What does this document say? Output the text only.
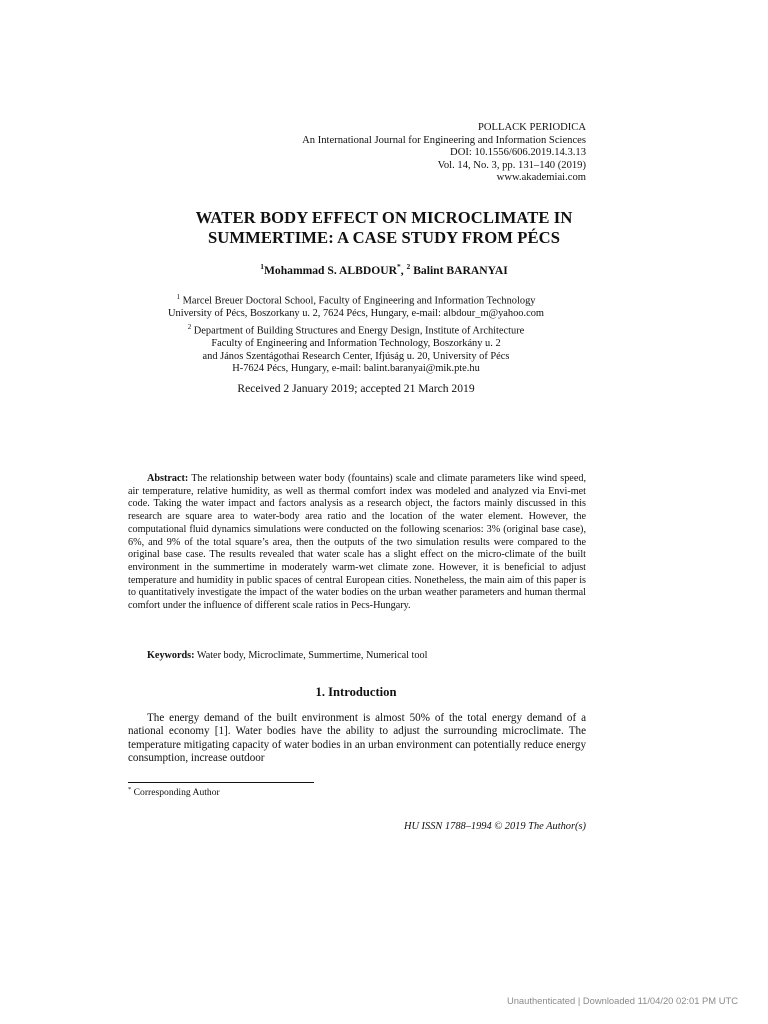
POLLACK PERIODICA
An International Journal for Engineering and Information Sciences
DOI: 10.1556/606.2019.14.3.13
Vol. 14, No. 3, pp. 131–140 (2019)
www.akademiai.com
WATER BODY EFFECT ON MICROCLIMATE IN
SUMMERTIME: A CASE STUDY FROM PÉCS
$^1$Mohammad S. ALBDOUR*, $^2$ Balint BARANYAI
$^1$ Marcel Breuer Doctoral School, Faculty of Engineering and Information Technology
University of Pécs, Boszorkany u. 2, 7624 Pécs, Hungary, e-mail: albdour_m@yahoo.com
$^2$ Department of Building Structures and Energy Design, Institute of Architecture
Faculty of Engineering and Information Technology, Boszorkány u. 2
and János Szentágothai Research Center, Ifjúság u. 20, University of Pécs
H-7624 Pécs, Hungary, e-mail: balint.baranyai@mik.pte.hu
Received 2 January 2019; accepted 21 March 2019
Abstract: The relationship between water body (fountains) scale and climate parameters like wind speed, air temperature, relative humidity, as well as thermal comfort index was modeled and analyzed via Envi-met code. Taking the water impact and factors analysis as a research object, the factors mainly discussed in this research are square area to water-body area ratio and the location of the water element. However, the computational fluid dynamics simulations were conducted on the following scenarios: 3% (original base case), 6%, and 9% of the total square’s area, then the outputs of the two simulation results were compared to the original base case. The results revealed that water scale has a slight effect on the micro-climate of the built environment in the summertime in moderately warm-wet climate zone. However, it is beneficial to adjust temperature and humidity in public spaces of central European cities. Nonetheless, the main aim of this paper is to quantitatively investigate the impact of the water bodies on the urban weather parameters and human thermal comfort under the influence of different scale ratios in Pecs-Hungary.
Keywords: Water body, Microclimate, Summertime, Numerical tool
1. Introduction
The energy demand of the built environment is almost 50% of the total energy demand of a national economy [1]. Water bodies have the ability to adjust the surrounding microclimate. The temperature mitigating capacity of water bodies in an urban environment can potentially reduce energy consumption, increase outdoor
* Corresponding Author
HU ISSN 1788–1994 © 2019 The Author(s)
Unauthenticated | Downloaded 11/04/20 02:01 PM UTC
